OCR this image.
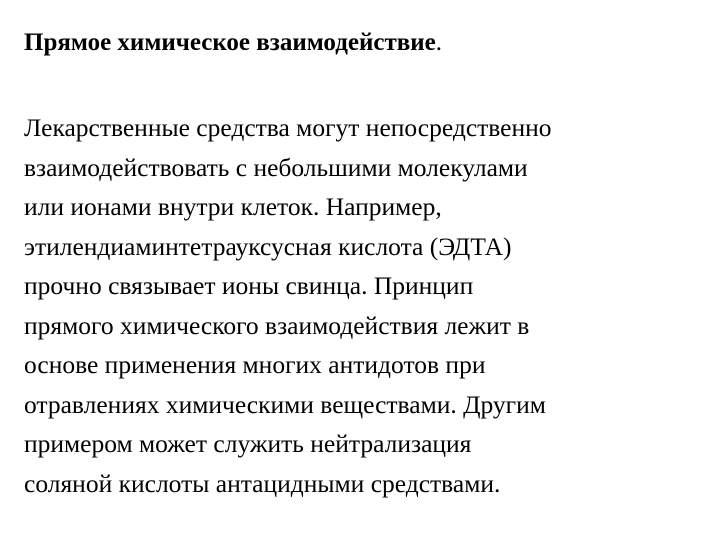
Прямое химическое взаимодействие.

Лекарственные средства могут непосредственно
взаимодействовать с небольшими молекулами
или ионами внутри клеток. Например,
этилендиаминтетрауксусная кислота (ЭДТА)
прочно связывает ионы свинца. Принцип
прямого химического взаимодействия лежит в
основе применения многих антидотов при
отравлениях химическими веществами. Другим
примером может служить нейтрализация
соляной кислоты антацидными средствами.
